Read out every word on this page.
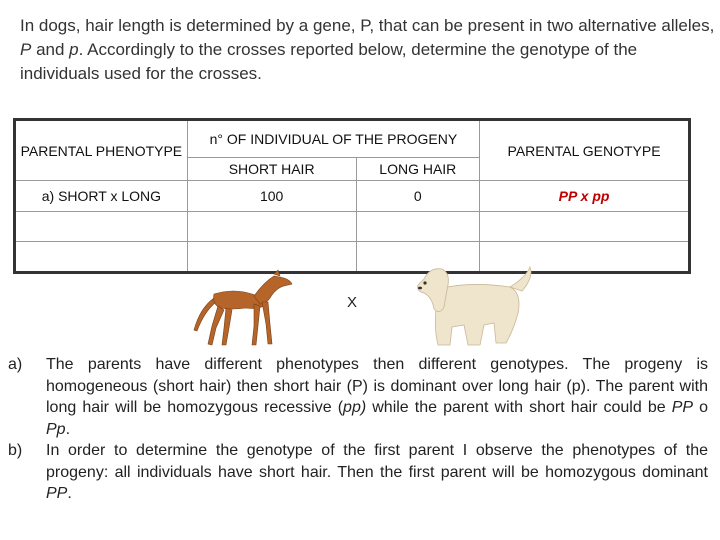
In dogs, hair length is determined by a gene, P, that can be present in two alternative alleles, P and p. Accordingly to the crosses reported below, determine the genotype of the individuals used for the crosses.
PARENTAL PHENOTYPE	n° OF INDIVIDUAL OF THE PROGENY		PARENTAL GENOTYPE
	SHORT HAIR	LONG HAIR	
a) SHORT x LONG	100	0	PP x pp

X
a)	The parents have different phenotypes then different genotypes. The progeny is homogeneous (short hair) then short hair (P) is dominant over long hair (p). The parent with long hair will be homozygous recessive (pp) while the parent with short hair could be PP o Pp.
b)	In order to determine the genotype of the first parent I observe the phenotypes of the progeny: all individuals have short hair. Then the first parent will be homozygous dominant PP.
